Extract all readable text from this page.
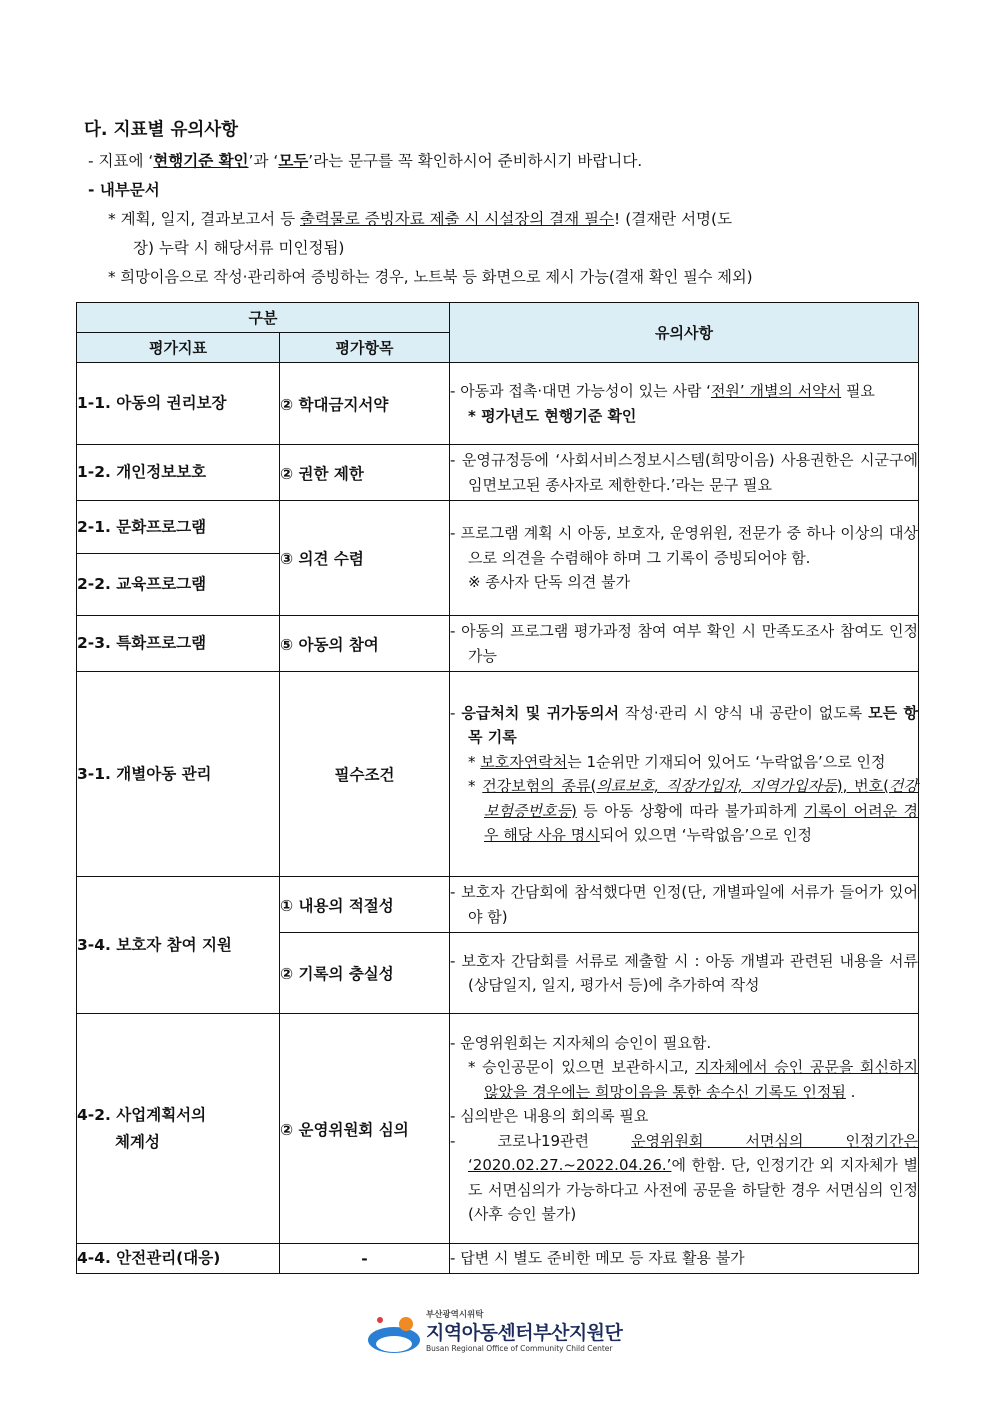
다. 지표별 유의사항
- 지표에 ‘현행기준 확인’과 ‘모두’라는 문구를 꼭 확인하시어 준비하시기 바랍니다.
- 내부문서
* 계획, 일지, 결과보고서 등 출력물로 증빙자료 제출 시 시설장의 결재 필수! (결재란 서명(도
장) 누락 시 해당서류 미인정됨)
* 희망이음으로 작성·관리하여 증빙하는 경우, 노트북 등 화면으로 제시 가능(결재 확인 필수 제외)
구분		유의사항
평가지표	평가항목	
1-1. 아동의 권리보장	② 학대금지서약	- 아동과 접촉·대면 가능성이 있는 사람 ‘전원’ 개별의 서약서 필요
* 평가년도 현행기준 확인

1-2. 개인정보보호	② 권한 제한	- 운영규정등에 ‘사회서비스정보시스템(희망이음) 사용권한은 시군구에 임면보고된 종사자로 제한한다.’라는 문구 필요

2-1. 문화프로그램	③ 의견 수렴	- 프로그램 계획 시 아동, 보호자, 운영위원, 전문가 중 하나 이상의 대상으로 의견을 수렴해야 하며 그 기록이 증빙되어야 함.
※ 종사자 단독 의견 불가

2-2. 교육프로그램		
2-3. 특화프로그램	⑤ 아동의 참여	- 아동의 프로그램 평가과정 참여 여부 확인 시 만족도조사 참여도 인정 가능

3-1. 개별아동 관리	필수조건	- 응급처치 및 귀가동의서 작성·관리 시 양식 내 공란이 없도록 모든 항목 기록
* 보호자연락처는 1순위만 기재되어 있어도 ‘누락없음’으로 인정
* 건강보험의 종류(의료보호, 직장가입자, 지역가입자등), 번호(건강보험증번호등) 등 아동 상황에 따라 불가피하게 기록이 어려운 경우 해당 사유 명시되어 있으면 ‘누락없음’으로 인정

3-4. 보호자 참여 지원	① 내용의 적절성	- 보호자 간담회에 참석했다면 인정(단, 개별파일에 서류가 들어가 있어야 함)

	② 기록의 충실성	- 보호자 간담회를 서류로 제출할 시 : 아동 개별과 관련된 내용을 서류(상담일지, 일지, 평가서 등)에 추가하여 작성

4-2. 사업계획서의
체계성	② 운영위원회 심의	- 운영위원회는 지자체의 승인이 필요함.
* 승인공문이 있으면 보관하시고, 지자체에서 승인 공문을 회신하지 않았을 경우에는 희망이음을 통한 송수신 기록도 인정됨 .
- 심의받은 내용의 회의록 필요
- 코로나19관련 운영위원회 서면심의 인정기간은 ‘2020.02.27.~2022.04.26.’에 한함. 단, 인정기간 외 지자체가 별도 서면심의가 가능하다고 사전에 공문을 하달한 경우 서면심의 인정(사후 승인 불가)

4-4. 안전관리(대응)	-	- 답변 시 별도 준비한 메모 등 자료 활용 불가
부산광역시위탁
지역아동센터부산지원단
Busan Regional Office of Community Child Center
